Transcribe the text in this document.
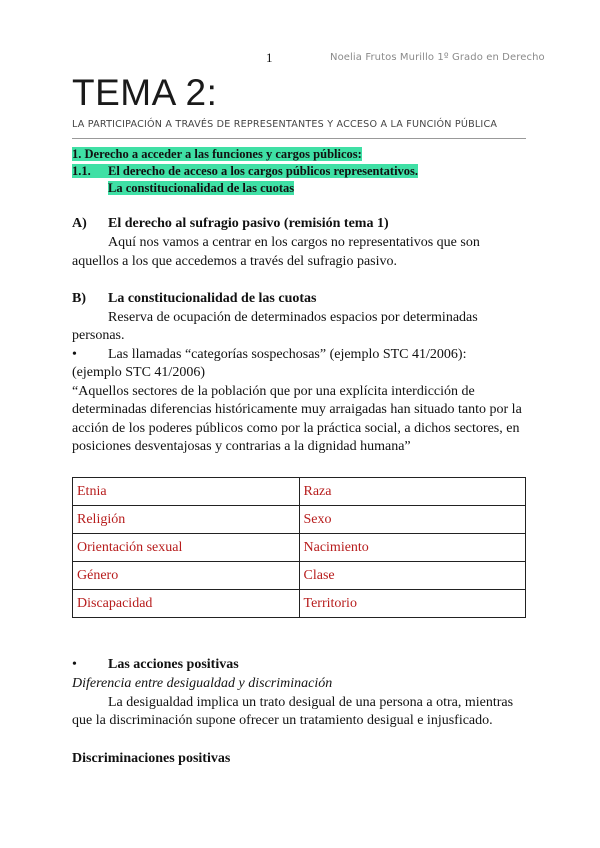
1	Noelia Frutos Murillo 1º Grado en Derecho
TEMA 2:
LA PARTICIPACIÓN A TRAVÉS DE REPRESENTANTES Y ACCESO A LA FUNCIÓN PÚBLICA
1. Derecho a acceder a las funciones y cargos públicos:
1.1. El derecho de acceso a los cargos públicos representativos.
La constitucionalidad de las cuotas
A) El derecho al sufragio pasivo (remisión tema 1)
Aquí nos vamos a centrar en los cargos no representativos que son
aquellos a los que accedemos a través del sufragio pasivo.
B) La constitucionalidad de las cuotas
Reserva de ocupación de determinados espacios por determinadas
personas.
• Las llamadas “categorías sospechosas” (ejemplo STC 41/2006):
(ejemplo STC 41/2006)
“Aquellos sectores de la población que por una explícita interdicción de
determinadas diferencias históricamente muy arraigadas han situado tanto por la
acción de los poderes públicos como por la práctica social, a dichos sectores, en
posiciones desventajosas y contrarias a la dignidad humana”
Etnia	Raza
Religión	Sexo
Orientación sexual	Nacimiento
Género	Clase
Discapacidad	Territorio
• Las acciones positivas
Diferencia entre desigualdad y discriminación
La desigualdad implica un trato desigual de una persona a otra, mientras
que la discriminación supone ofrecer un tratamiento desigual e injusficado.
Discriminaciones positivas
